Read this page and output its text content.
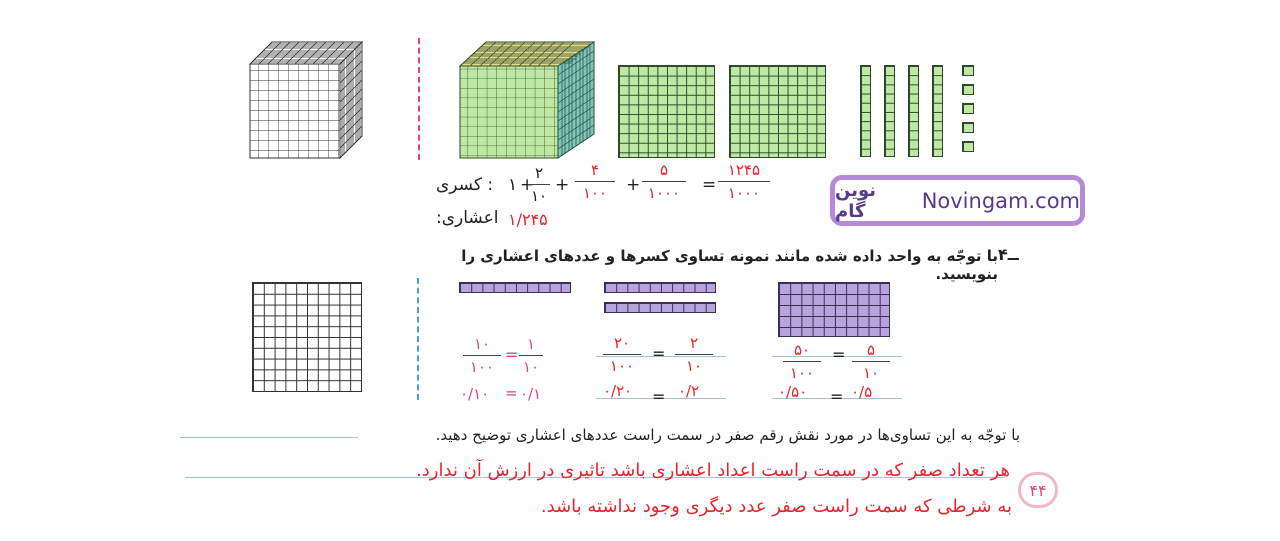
: کسری ۱ +
۲
۱۰
+
۴
۱۰۰	+
۵
۱۰۰۰	=
۱۲۴۵
۱۰۰۰
۱/۲۴۵
:اعشاری
نوین گام	Novingam.com
با توجّه به واحد داده شده مانند نمونه تساوی کسرها و عددهای اعشاری را بنویسید.
۴ــ
۱۰
۱۰۰
=
۱
۱۰
۰/۱۰ = ۰/۱
۲۰
۱۰۰
=
۲
۱۰
۰/۲۰ = ۰/۲
۵۰
۱۰۰
=	۵
۱۰
۰/۵۰ = ۰/۵
با توجّه به این تساوی‌ها در مورد نقش رقم صفر در سمت راست عددهای اعشاری توضیح دهید.
هر تعداد صفر که در سمت راست اعداد اعشاری باشد تاثیری در ارزش آن ندارد.
۴۴
به شرطی که سمت راست صفر عدد دیگری وجود نداشته باشد.
